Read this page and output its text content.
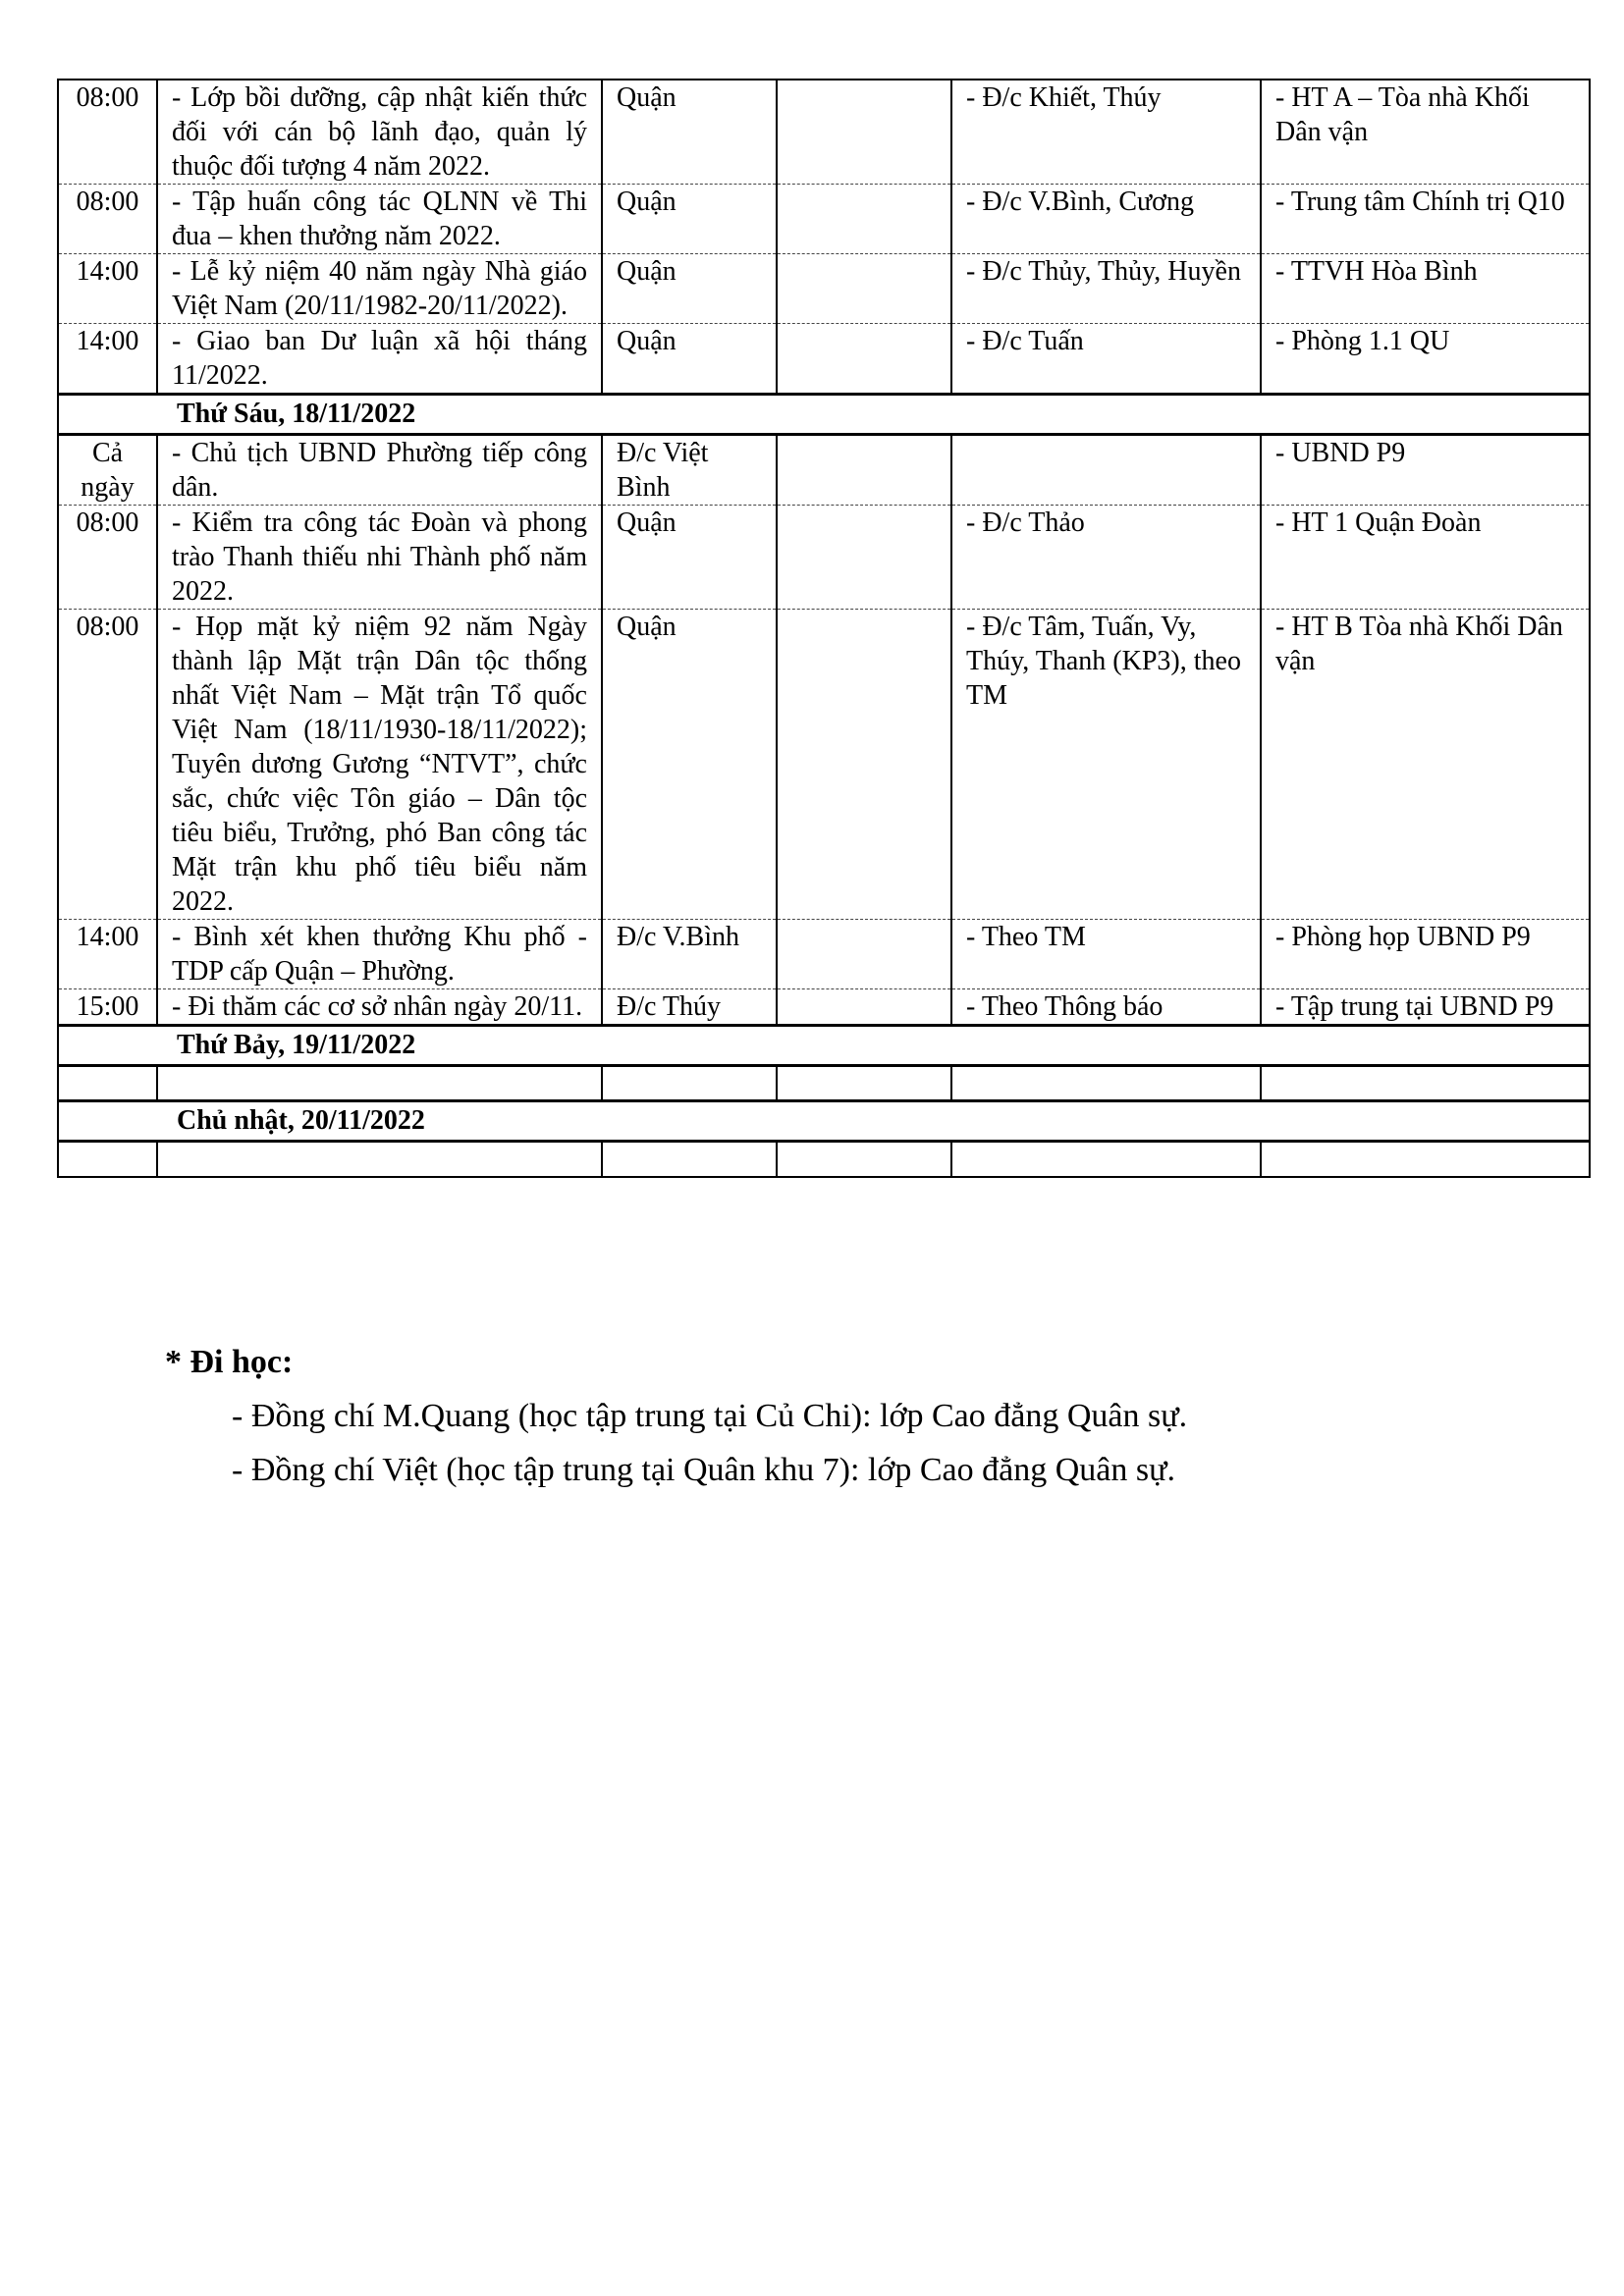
08:00	- Lớp bồi dưỡng, cập nhật kiến thức đối với cán bộ lãnh đạo, quản lý thuộc đối tượng 4 năm 2022.	Quận		- Đ/c Khiết, Thúy	- HT A – Tòa nhà Khối Dân vận
08:00	- Tập huấn công tác QLNN về Thi đua – khen thưởng năm 2022.	Quận		- Đ/c V.Bình, Cương	- Trung tâm Chính trị Q10
14:00	- Lễ kỷ niệm 40 năm ngày Nhà giáo Việt Nam (20/11/1982-20/11/2022).	Quận		- Đ/c Thủy, Thủy, Huyền	- TTVH Hòa Bình
14:00	- Giao ban Dư luận xã hội tháng 11/2022.	Quận		- Đ/c Tuấn	- Phòng 1.1 QU
Thứ Sáu, 18/11/2022					
Cả ngày	- Chủ tịch UBND Phường tiếp công dân.	Đ/c Việt Bình			- UBND P9
08:00	- Kiểm tra công tác Đoàn và phong trào Thanh thiếu nhi Thành phố năm 2022.	Quận		- Đ/c Thảo	- HT 1 Quận Đoàn
08:00	- Họp mặt kỷ niệm 92 năm Ngày thành lập Mặt trận Dân tộc thống nhất Việt Nam – Mặt trận Tổ quốc Việt Nam (18/11/1930-18/11/2022); Tuyên dương Gương “NTVT”, chức sắc, chức việc Tôn giáo – Dân tộc tiêu biểu, Trưởng, phó Ban công tác Mặt trận khu phố tiêu biểu năm 2022.	Quận		- Đ/c Tâm, Tuấn, Vy, Thúy, Thanh (KP3), theo TM	- HT B Tòa nhà Khối Dân vận
14:00	- Bình xét khen thưởng Khu phố - TDP cấp Quận – Phường.	Đ/c V.Bình		- Theo TM	- Phòng họp UBND P9
15:00	- Đi thăm các cơ sở nhân ngày 20/11.	Đ/c Thúy		- Theo Thông báo	- Tập trung tại UBND P9
Thứ Bảy, 19/11/2022					

Chủ nhật, 20/11/2022					

* Đi học:
- Đồng chí M.Quang (học tập trung tại Củ Chi): lớp Cao đẳng Quân sự.
- Đồng chí Việt (học tập trung tại Quân khu 7): lớp Cao đẳng Quân sự.
